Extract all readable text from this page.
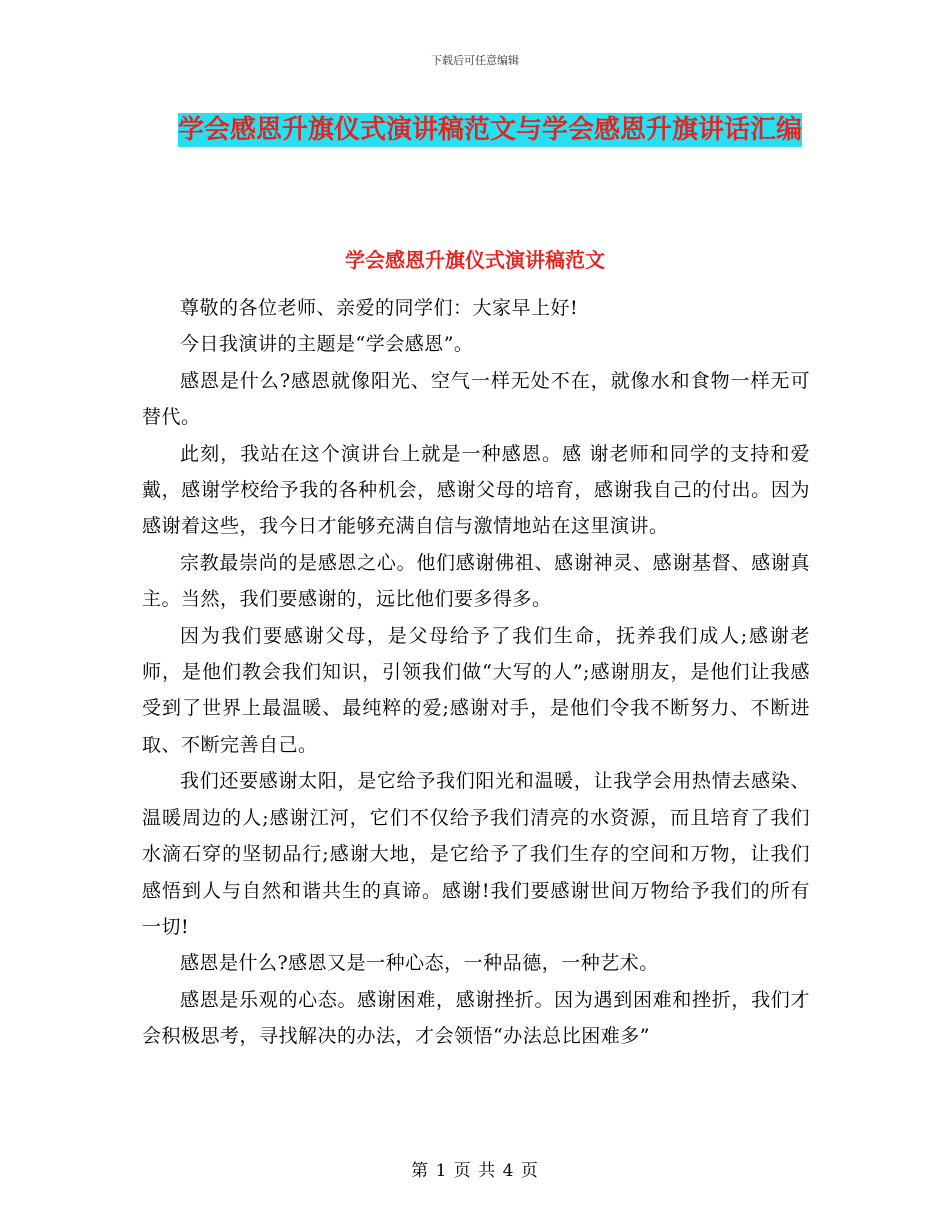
下载后可任意编辑
学会感恩升旗仪式演讲稿范文与学会感恩升旗讲话汇编
学会感恩升旗仪式演讲稿范文

尊敬的各位老师、亲爱的同学们：大家早上好!

今日我演讲的主题是“学会感恩”。

感恩是什么?感恩就像阳光、空气一样无处不在，就像水和食物一样无可替代。

此刻，我站在这个演讲台上就是一种感恩。感 谢老师和同学的支持和爱戴，感谢学校给予我的各种机会，感谢父母的培育，感谢我自己的付出。因为感谢着这些，我今日才能够充满自信与激情地站在这里演讲。

宗教最崇尚的是感恩之心。他们感谢佛祖、感谢神灵、感谢基督、感谢真主。当然，我们要感谢的，远比他们要多得多。

因为我们要感谢父母，是父母给予了我们生命，抚养我们成人;感谢老师，是他们教会我们知识，引领我们做“大写的人”;感谢朋友，是他们让我感受到了世界上最温暖、最纯粹的爱;感谢对手，是他们令我不断努力、不断进取、不断完善自己。

我们还要感谢太阳，是它给予我们阳光和温暖，让我学会用热情去感染、温暖周边的人;感谢江河，它们不仅给予我们清亮的水资源，而且培育了我们水滴石穿的坚韧品行;感谢大地，是它给予了我们生存的空间和万物，让我们感悟到人与自然和谐共生的真谛。感谢!我们要感谢世间万物给予我们的所有一切!

感恩是什么?感恩又是一种心态，一种品德，一种艺术。

感恩是乐观的心态。感谢困难，感谢挫折。因为遇到困难和挫折，我们才会积极思考，寻找解决的办法，才会领悟“办法总比困难多”

第 1 页 共 4 页
